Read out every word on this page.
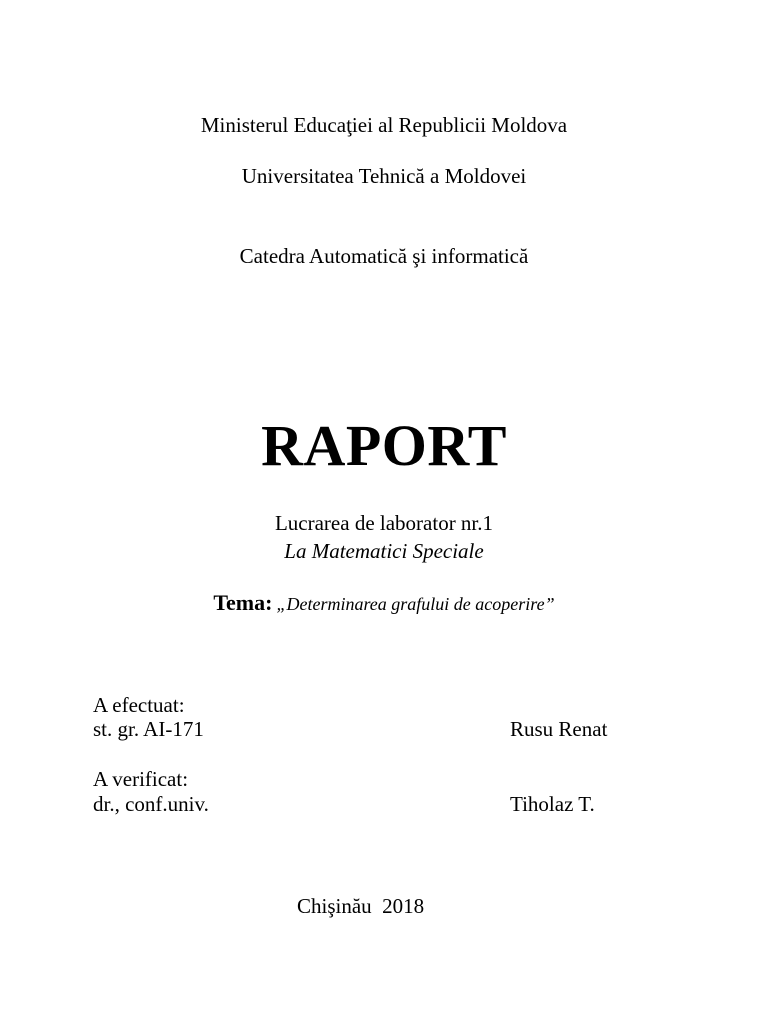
Ministerul Educaţiei al Republicii Moldova
Universitatea Tehnică a Moldovei
Catedra Automatică şi informatică
RAPORT
Lucrarea de laborator nr.1
La Matematici Speciale
Tema: „Determinarea grafului de acoperire”
A efectuat:
st. gr. AI-171	Rusu Renat
A verificat:
dr., conf.univ.	Tiholaz T.
Chişinău 2018
